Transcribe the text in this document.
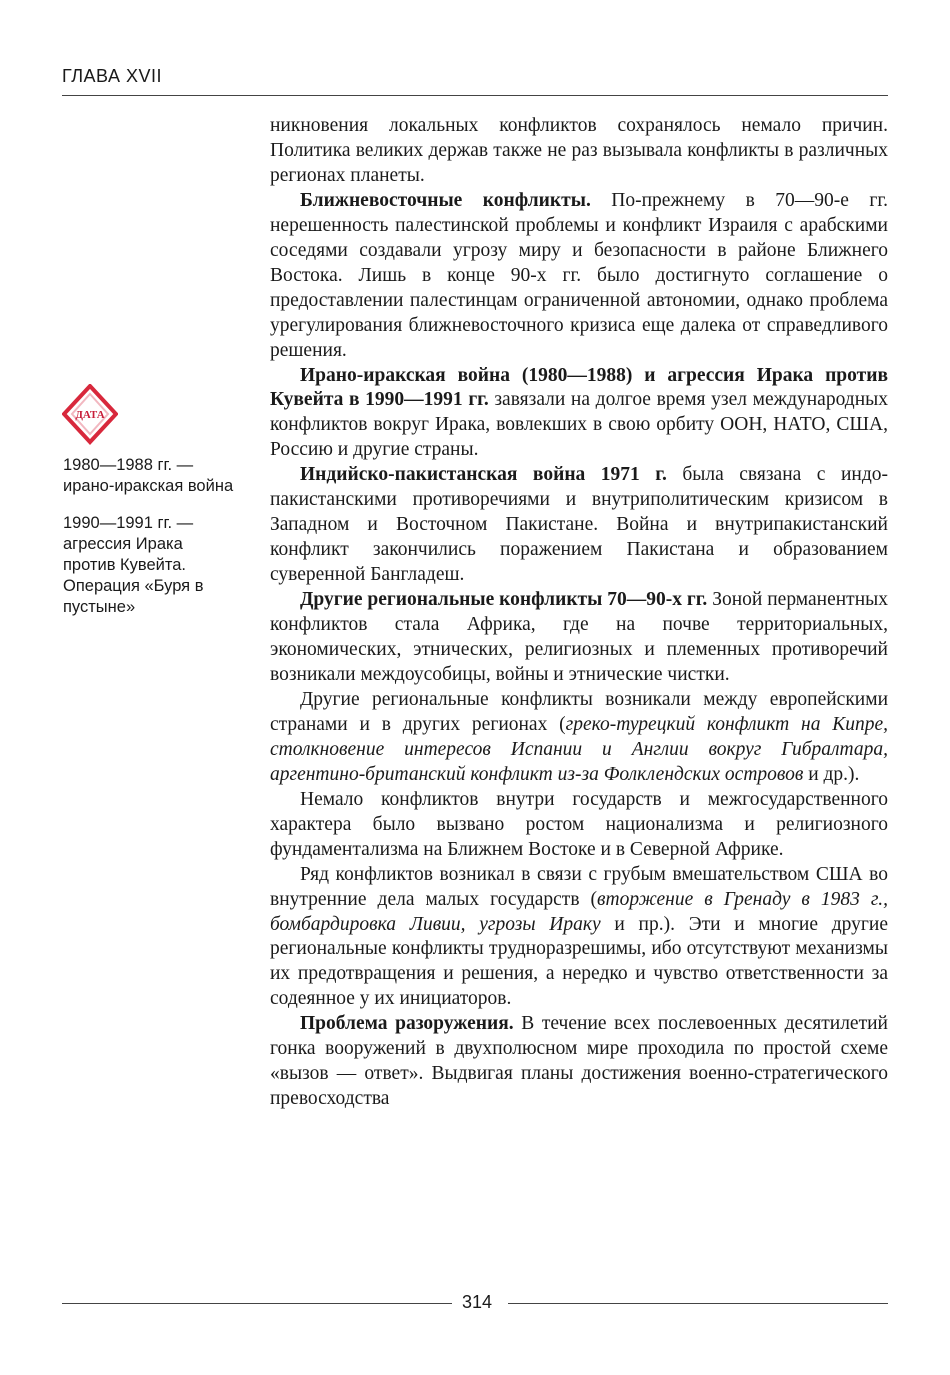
ГЛАВА XVII
ДАТА

1980—1988 гг. — ирано-иракская война

1990—1991 гг. — агрессия Ирака против Кувейта. Операция «Буря в пустыне»

никновения локальных конфликтов сохранялось немало причин. Политика великих держав также не раз вызывала конфликты в различных регионах планеты.

Ближневосточные конфликты. По-прежнему в 70—90-е гг. нерешенность палестинской проблемы и конфликт Израиля с арабскими соседями создавали угрозу миру и безопасности в районе Ближнего Востока. Лишь в конце 90-х гг. было достигнуто соглашение о предоставлении палестинцам ограниченной автономии, однако проблема урегулирования ближневосточного кризиса еще далека от справедливого решения.

Ирано-иракская война (1980—1988) и агрессия Ирака против Кувейта в 1990—1991 гг. завязали на долгое время узел международных конфликтов вокруг Ирака, вовлекших в свою орбиту ООН, НАТО, США, Россию и другие страны.

Индийско-пакистанская война 1971 г. была связана с индо-пакистанскими противоречиями и внутриполитическим кризисом в Западном и Восточном Пакистане. Война и внутрипакистанский конфликт закончились поражением Пакистана и образованием суверенной Бангладеш.

Другие региональные конфликты 70—90-х гг. Зоной перманентных конфликтов стала Африка, где на почве территориальных, экономических, этнических, религиозных и племенных противоречий возникали междоусобицы, войны и этнические чистки.

Другие региональные конфликты возникали между европейскими странами и в других регионах (греко-турецкий конфликт на Кипре, столкновение интересов Испании и Англии вокруг Гибралтара, аргентино-британский конфликт из-за Фолклендских островов и др.).

Немало конфликтов внутри государств и межгосударственного характера было вызвано ростом национализма и религиозного фундаментализма на Ближнем Востоке и в Северной Африке.

Ряд конфликтов возникал в связи с грубым вмешательством США во внутренние дела малых государств (вторжение в Гренаду в 1983 г., бомбардировка Ливии, угрозы Ираку и пр.). Эти и многие другие региональные конфликты трудноразрешимы, ибо отсутствуют механизмы их предотвращения и решения, а нередко и чувство ответственности за содеянное у их инициаторов.

Проблема разоружения. В течение всех послевоенных десятилетий гонка вооружений в двухполюсном мире проходила по простой схеме «вызов — ответ». Выдвигая планы достижения военно-стратегического превосходства

314
